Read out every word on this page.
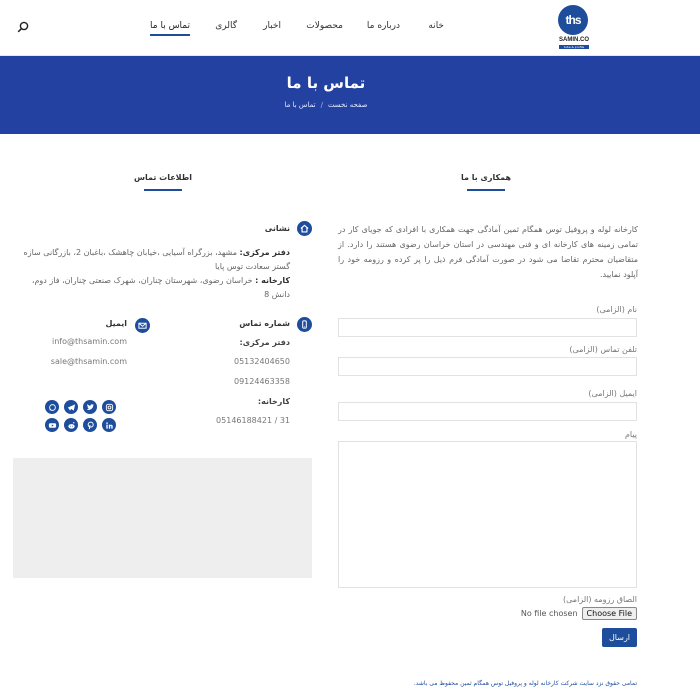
ths
SAMIN.CO
tube & profile
خانه
درباره ما
محصولات
اخبار
گالری
تماس با ما
تماس با ما
صفحه نخست/تماس با ما
همکاری با ما
اطلاعات تماس

کارخانه لوله و پروفیل توس همگام ثمین آمادگی جهت همکاری با افرادی که جویای کار در تمامی زمینه های کارخانه ای و فنی مهندسی در استان خراسان رضوی هستند را دارد. از متقاضیان محترم تقاضا می شود در صورت آمادگی فرم ذیل را پر کرده و رزومه خود را آپلود نمایید.

نام (الزامی)
تلفن تماس (الزامی)
ایمیل (الزامی)
پیام
الصاق رزومه (الزامی)
No file chosen	Choose File
ارسال
نشانی
دفتر مرکزی: مشهد، بزرگراه آسیایی ،خیابان چاهشک ،باغبان 2، بازرگانی سازه گستر سعادت توس پایا
کارخانه : خراسان رضوی، شهرستان چناران، شهرک صنعتی چناران، فاز دوم، دانش 8
شماره تماس
دفتر مرکزی:
05132404650
09124463358
کارخانه:
05146188421 / 31
ایمیل
info@thsamin.com
sale@thsamin.com
تمامی حقوق نزد سایت شرکت کارخانه لوله و پروفیل توس همگام ثمین محفوظ می باشد.
